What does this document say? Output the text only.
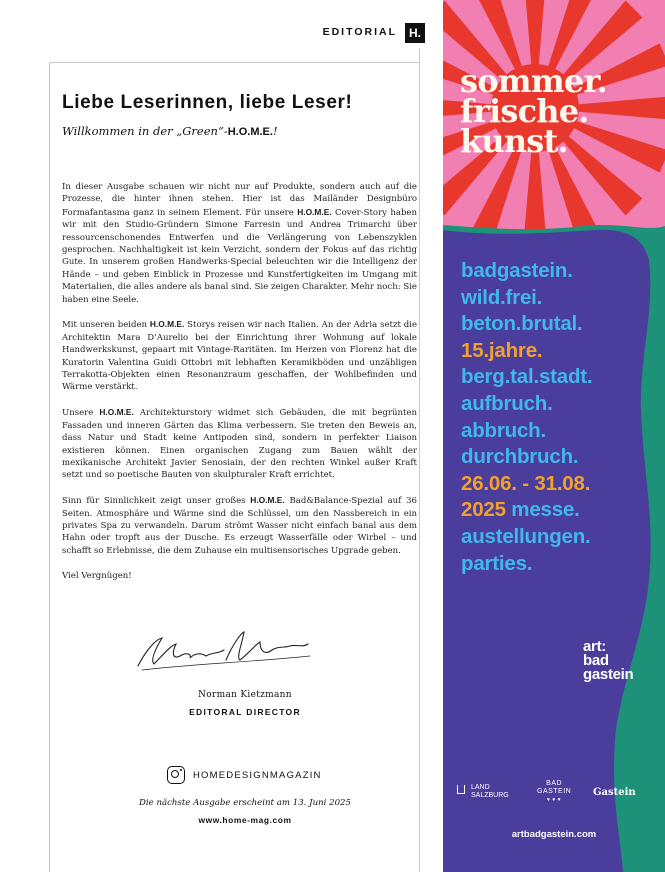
EDITORIAL	H.
Liebe Leserinnen, liebe Leser!
Willkommen in der „Green“-H.O.M.E.!

In dieser Ausgabe schauen wir nicht nur auf Produkte, sondern auch auf die Prozesse, die hinter ihnen stehen. Hier ist das Mailänder Designbüro Formafantasma ganz in seinem Element. Für unsere H.O.M.E. Cover-Story haben wir mit den Studio-Gründern Simone Farresin und Andrea Trimarchi über ressourcenschonendes Entwerfen und die Verlängerung von Lebenszyklen gesprochen. Nachhaltigkeit ist kein Verzicht, sondern der Fokus auf das richtig Gute. In unserem großen Handwerks-Special beleuchten wir die Intelligenz der Hände – und geben Einblick in Prozesse und Kunstfertigkeiten im Umgang mit Materialien, die alles andere als banal sind. Sie zeigen Charakter. Mehr noch: Sie haben eine Seele.

Mit unseren beiden H.O.M.E. Storys reisen wir nach Italien. An der Adria setzt die Architektin Mara D’Aurelio bei der Einrichtung ihrer Wohnung auf lokale Handwerkskunst, gepaart mit Vintage-Raritäten. Im Herzen von Florenz hat die Kuratorin Valentina Guidi Ottobri mit lebhaften Keramikböden und unzähligen Terrakotta-Objekten einen Resonanzraum geschaffen, der Wohlbefinden und Wärme verstärkt.

Unsere H.O.M.E. Architekturstory widmet sich Gebäuden, die mit begrünten Fassaden und inneren Gärten das Klima verbessern. Sie treten den Beweis an, dass Natur und Stadt keine Antipoden sind, sondern in perfekter Liaison existieren können. Einen organischen Zugang zum Bauen wählt der mexikanische Architekt Javier Senosiain, der den rechten Winkel außer Kraft setzt und so poetische Bauten von skulpturaler Kraft errichtet.

Sinn für Sinnlichkeit zeigt unser großes H.O.M.E. Bad&Balance-Spezial auf 36 Seiten. Atmosphäre und Wärme sind die Schlüssel, um den Nassbereich in ein privates Spa zu verwandeln. Darum strömt Wasser nicht einfach banal aus dem Hahn oder tropft aus der Dusche. Es erzeugt Wasserfälle oder Wirbel – und schafft so Erlebnisse, die dem Zuhause ein multisensorisches Upgrade geben.

Viel Vergnügen!

Norman Kietzmann
EDITORAL DIRECTOR
HOMEDESIGNMAGAZIN
Die nächste Ausgabe erscheint am 13. Juni 2025
www.home-mag.com
sommer.
frische.
kunst.
badgastein.
wild.frei.
beton.brutal.
15.jahre.
berg.tal.stadt.
aufbruch.
abbruch.
durchbruch.
26.06. - 31.08.
2025 messe.
austellungen.
parties.
art:
bad
gastein
LAND
SALZBURG
BAD
GASTEIN
♥ ♥ ♥
Gastein
artbadgastein.com
